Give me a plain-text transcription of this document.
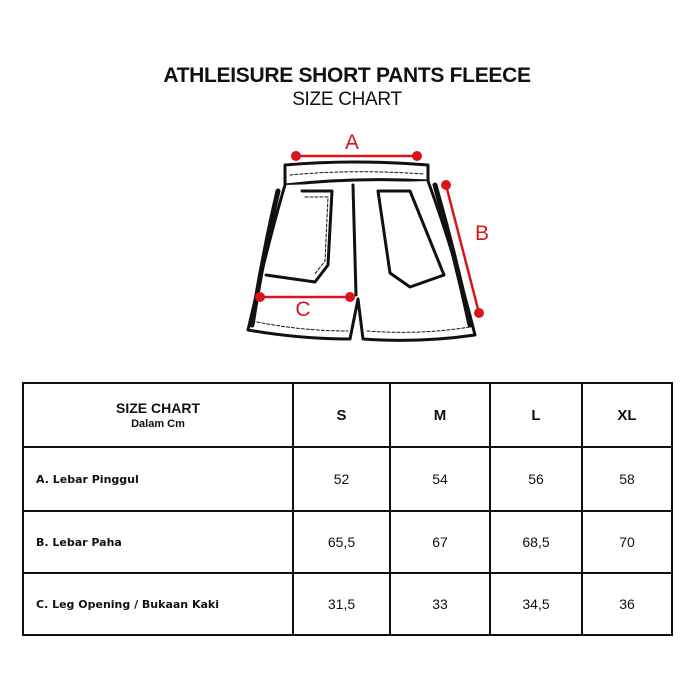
ATHLEISURE SHORT PANTS FLEECE
SIZE CHART
A
B
C
SIZE CHART
Dalam Cm	S	M	L	XL
A. Lebar Pinggul	52	54	56	58
B. Lebar Paha	65,5	67	68,5	70
C. Leg Opening / Bukaan Kaki	31,5	33	34,5	36
